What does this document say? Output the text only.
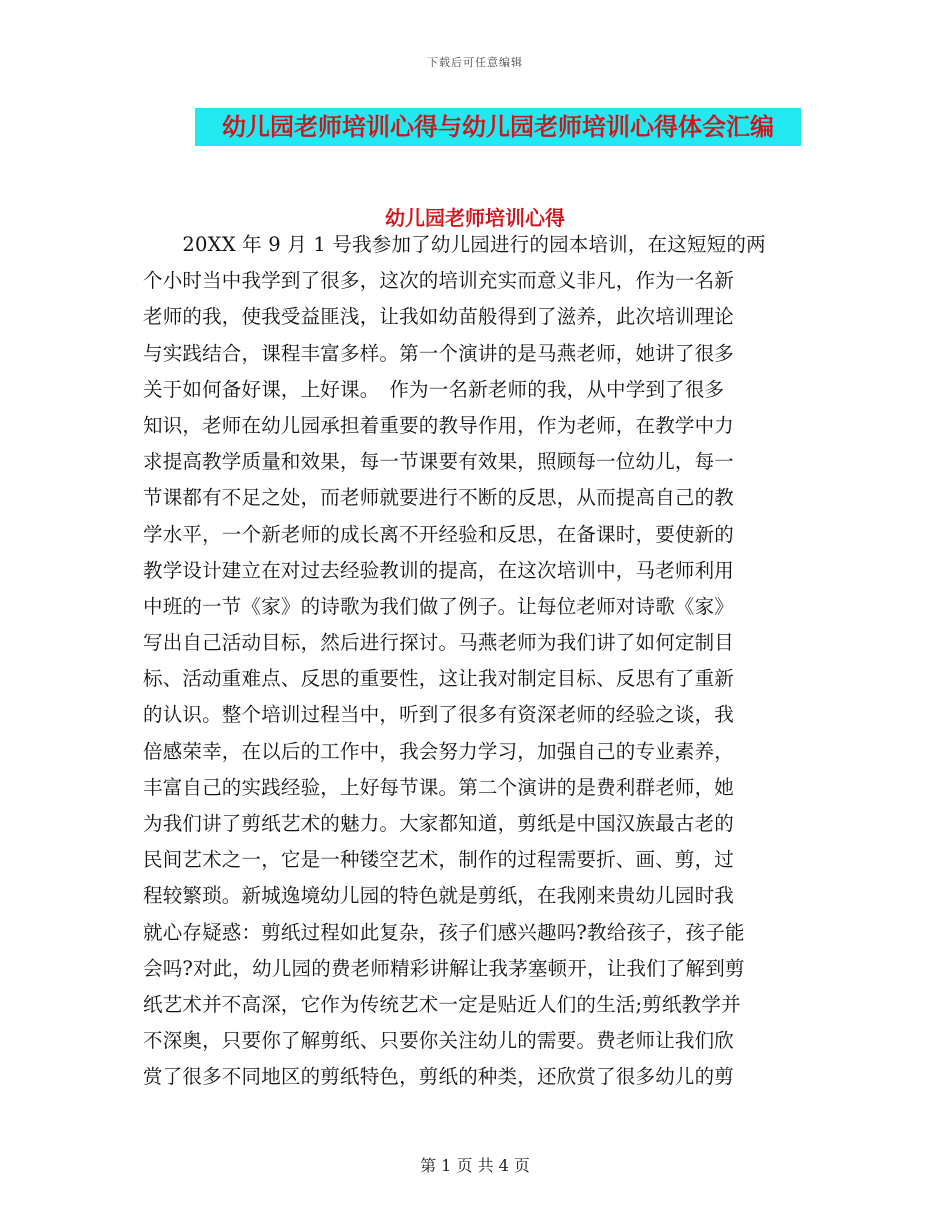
下载后可任意编辑
幼儿园老师培训心得与幼儿园老师培训心得体会汇编
幼儿园老师培训心得
　　20XX 年 9 月 1 号我参加了幼儿园进行的园本培训，在这短短的两
个小时当中我学到了很多，这次的培训充实而意义非凡，作为一名新
老师的我，使我受益匪浅，让我如幼苗般得到了滋养，此次培训理论
与实践结合，课程丰富多样。第一个演讲的是马燕老师，她讲了很多
关于如何备好课，上好课。　作为一名新老师的我，从中学到了很多
知识，老师在幼儿园承担着重要的教导作用，作为老师，在教学中力
求提高教学质量和效果，每一节课要有效果，照顾每一位幼儿，每一
节课都有不足之处，而老师就要进行不断的反思，从而提高自己的教
学水平，一个新老师的成长离不开经验和反思，在备课时，要使新的
教学设计建立在对过去经验教训的提高，在这次培训中，马老师利用
中班的一节《家》的诗歌为我们做了例子。让每位老师对诗歌《家》
写出自己活动目标，然后进行探讨。马燕老师为我们讲了如何定制目
标、活动重难点、反思的重要性，这让我对制定目标、反思有了重新
的认识。整个培训过程当中，听到了很多有资深老师的经验之谈，我
倍感荣幸，在以后的工作中，我会努力学习，加强自己的专业素养，
丰富自己的实践经验，上好每节课。第二个演讲的是费利群老师，她
为我们讲了剪纸艺术的魅力。大家都知道，剪纸是中国汉族最古老的
民间艺术之一，它是一种镂空艺术，制作的过程需要折、画、剪，过
程较繁琐。新城逸境幼儿园的特色就是剪纸，在我刚来贵幼儿园时我
就心存疑惑：剪纸过程如此复杂，孩子们感兴趣吗?教给孩子，孩子能
会吗?对此，幼儿园的费老师精彩讲解让我茅塞顿开，让我们了解到剪
纸艺术并不高深，它作为传统艺术一定是贴近人们的生活;剪纸教学并
不深奥，只要你了解剪纸、只要你关注幼儿的需要。费老师让我们欣
赏了很多不同地区的剪纸特色，剪纸的种类，还欣赏了很多幼儿的剪
第 1 页 共 4 页
